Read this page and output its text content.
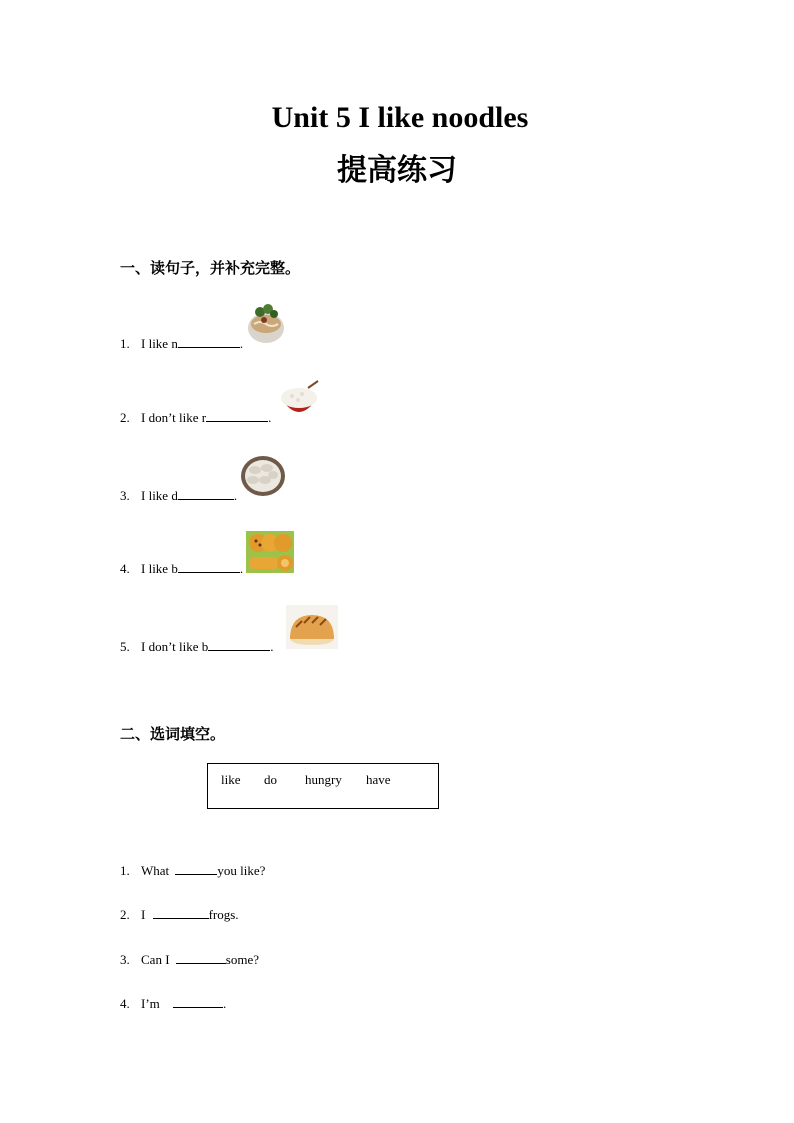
Unit 5 I like noodles
提高练习
一、读句子，并补充完整。
1. I like n	.
2. I don’t like r	.
3. I like d	.
4. I like b	.
5. I don’t like b	.
二、选词填空。
like do hungry have
1. What	you like?
2. I	frogs.
3. Can I	some?
4. I’m	.
